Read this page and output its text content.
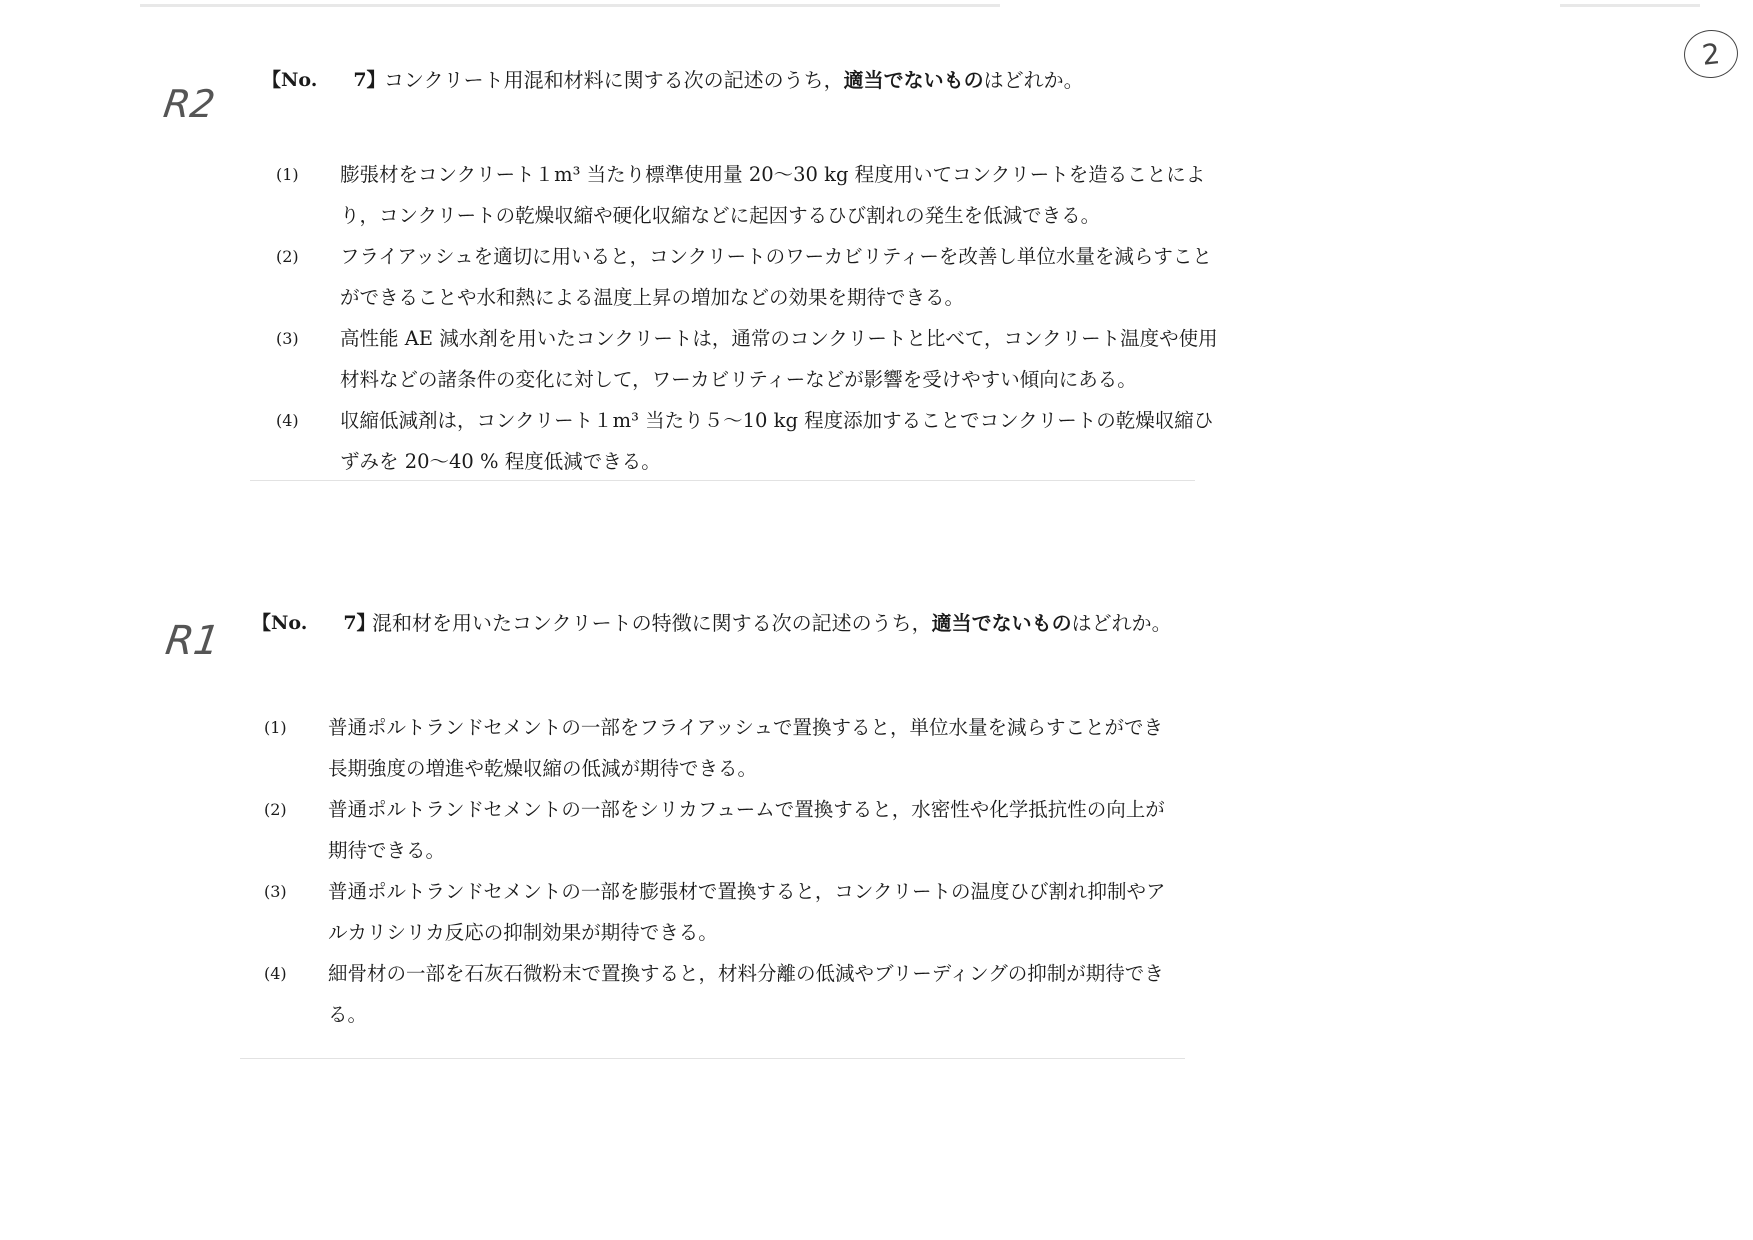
2
R2
R1
【No. 7】
コンクリート用混和材料に関する次の記述のうち，適当でないものはどれか。
(1) 膨張材をコンクリート１m³ 当たり標準使用量 20〜30 kg 程度用いてコンクリートを造ることにより，コンクリートの乾燥収縮や硬化収縮などに起因するひび割れの発生を低減できる。
(2) フライアッシュを適切に用いると，コンクリートのワーカビリティーを改善し単位水量を減らすことができることや水和熱による温度上昇の増加などの効果を期待できる。
(3) 高性能 AE 減水剤を用いたコンクリートは，通常のコンクリートと比べて，コンクリート温度や使用材料などの諸条件の変化に対して，ワーカビリティーなどが影響を受けやすい傾向にある。
(4) 収縮低減剤は，コンクリート１m³ 当たり５〜10 kg 程度添加することでコンクリートの乾燥収縮ひずみを 20〜40 % 程度低減できる。
【No. 7】
混和材を用いたコンクリートの特徴に関する次の記述のうち，適当でないものはどれか。
(1) 普通ポルトランドセメントの一部をフライアッシュで置換すると，単位水量を減らすことができ長期強度の増進や乾燥収縮の低減が期待できる。
(2) 普通ポルトランドセメントの一部をシリカフュームで置換すると，水密性や化学抵抗性の向上が期待できる。
(3) 普通ポルトランドセメントの一部を膨張材で置換すると，コンクリートの温度ひび割れ抑制やアルカリシリカ反応の抑制効果が期待できる。
(4) 細骨材の一部を石灰石微粉末で置換すると，材料分離の低減やブリーディングの抑制が期待できる。
